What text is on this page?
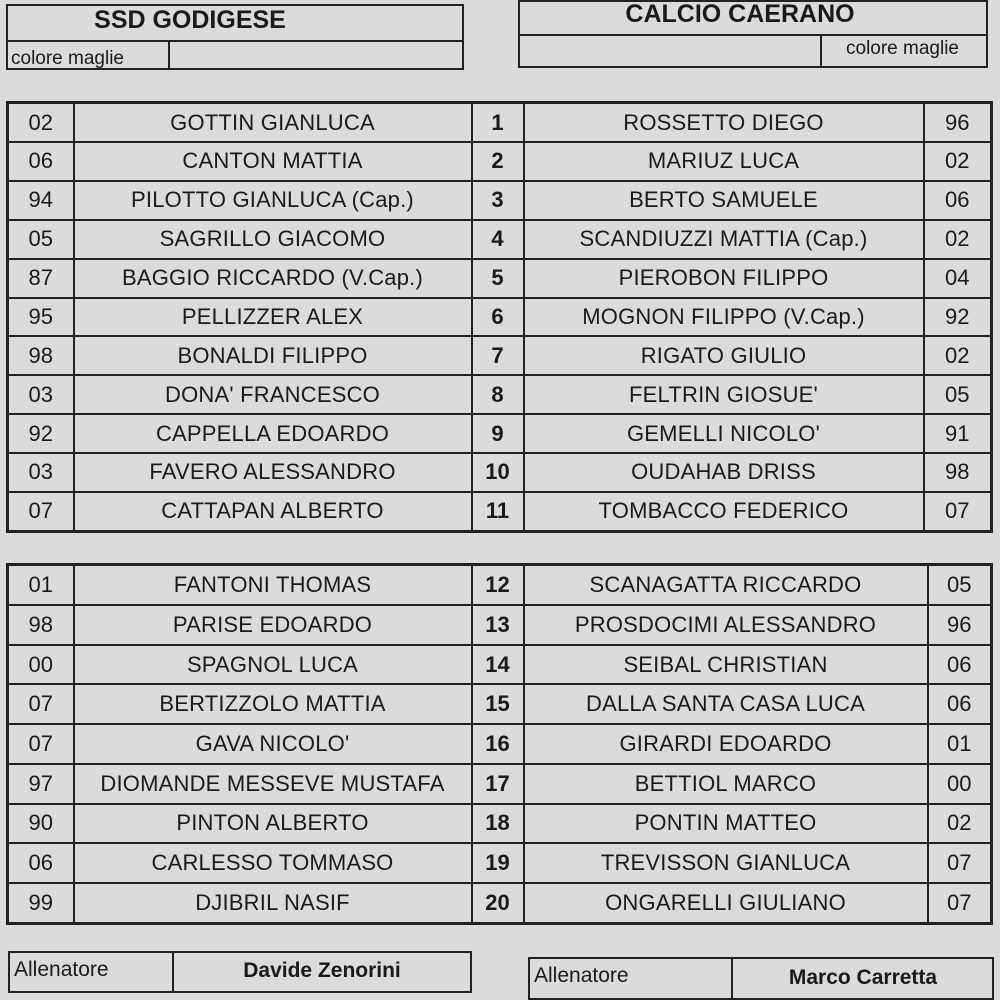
SSD GODIGESE
colore maglie
CALCIO CAERANO
colore maglie
02	GOTTIN GIANLUCA	1	ROSSETTO DIEGO	96
06	CANTON MATTIA	2	MARIUZ LUCA	02
94	PILOTTO GIANLUCA (Cap.)	3	BERTO SAMUELE	06
05	SAGRILLO GIACOMO	4	SCANDIUZZI MATTIA (Cap.)	02
87	BAGGIO RICCARDO (V.Cap.)	5	PIEROBON FILIPPO	04
95	PELLIZZER ALEX	6	MOGNON FILIPPO (V.Cap.)	92
98	BONALDI FILIPPO	7	RIGATO GIULIO	02
03	DONA' FRANCESCO	8	FELTRIN GIOSUE'	05
92	CAPPELLA EDOARDO	9	GEMELLI NICOLO'	91
03	FAVERO ALESSANDRO	10	OUDAHAB DRISS	98
07	CATTAPAN ALBERTO	11	TOMBACCO FEDERICO	07
01	FANTONI THOMAS	12	SCANAGATTA RICCARDO	05
98	PARISE EDOARDO	13	PROSDOCIMI ALESSANDRO	96
00	SPAGNOL LUCA	14	SEIBAL CHRISTIAN	06
07	BERTIZZOLO MATTIA	15	DALLA SANTA CASA LUCA	06
07	GAVA NICOLO'	16	GIRARDI EDOARDO	01
97	DIOMANDE MESSEVE MUSTAFA	17	BETTIOL MARCO	00
90	PINTON ALBERTO	18	PONTIN MATTEO	02
06	CARLESSO TOMMASO	19	TREVISSON GIANLUCA	07
99	DJIBRIL NASIF	20	ONGARELLI GIULIANO	07
Allenatore	Davide Zenorini	Allenatore	Marco Carretta
